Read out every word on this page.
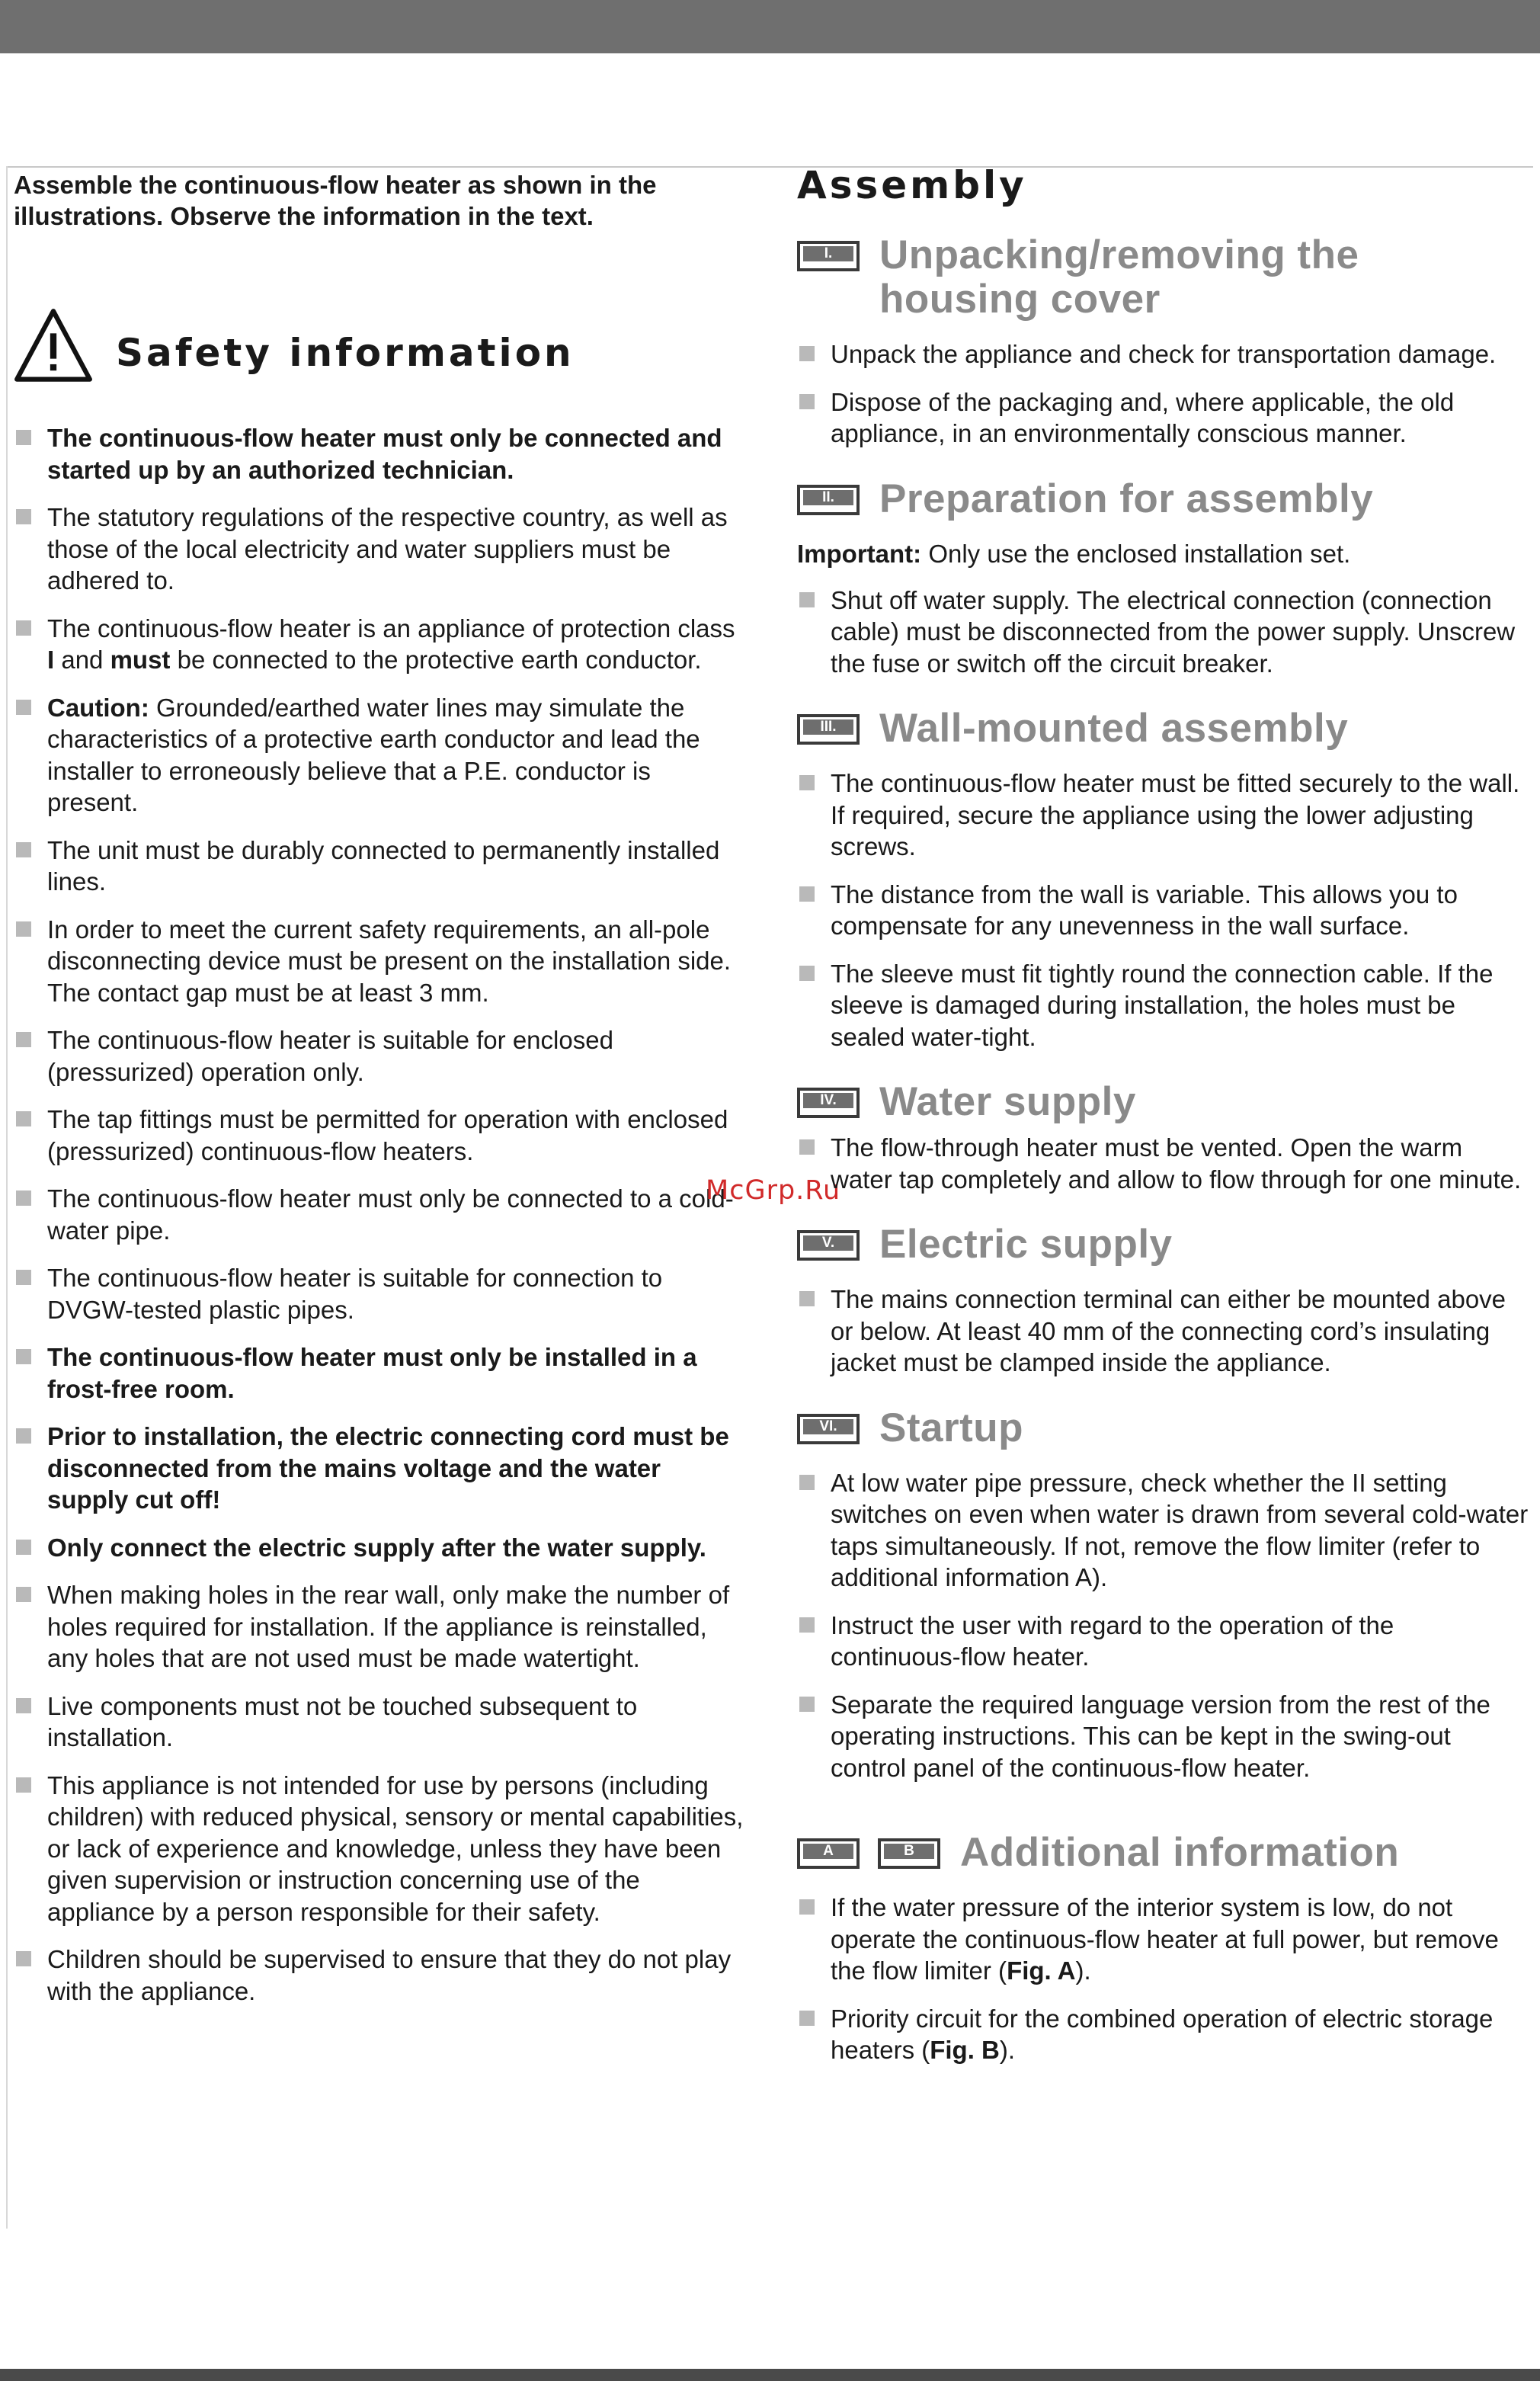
Assemble the continuous-flow heater as shown in the illustrations. Observe the information in the text.

Safety information
The continuous-flow heater must only be connected and started up by an authorized technician.
The statutory regulations of the respective country, as well as those of the local electricity and water suppliers must be adhered to.
The continuous-flow heater is an appliance of protection class I and must be connected to the protective earth conductor.
Caution: Grounded/earthed water lines may simulate the characteristics of a protective earth conductor and lead the installer to erroneously believe that a P.E. conductor is present.
The unit must be durably connected to permanently installed lines.
In order to meet the current safety requirements, an all-pole disconnecting device must be present on the installation side. The contact gap must be at least 3 mm.
The continuous-flow heater is suitable for enclosed (pressurized) operation only.
The tap fittings must be permitted for operation with enclosed (pressurized) continuous-flow heaters.
The continuous-flow heater must only be connected to a cold-water pipe.
The continuous-flow heater is suitable for connection to DVGW-tested plastic pipes.
The continuous-flow heater must only be installed in a frost-free room.
Prior to installation, the electric connecting cord must be disconnected from the mains voltage and the water supply cut off!
Only connect the electric supply after the water supply.
When making holes in the rear wall, only make the number of holes required for installation. If the appliance is reinstalled, any holes that are not used must be made watertight.
Live components must not be touched subsequent to installation.
This appliance is not intended for use by persons (including children) with reduced physical, sensory or mental capabilities, or lack of experience and knowledge, unless they have been given supervision or instruction concerning use of the appliance by a person responsible for their safety.
Children should be supervised to ensure that they do not play with the appliance.
McGrp.Ru
Assembly
I.	Unpacking/removing the housing cover
Unpack the appliance and check for transportation damage.
Dispose of the packaging and, where applicable, the old appliance, in an environmentally conscious manner.
II.	Preparation for assembly

Important: Only use the enclosed installation set.

Shut off water supply. The electrical connection (connection cable) must be disconnected from the power supply. Unscrew the fuse or switch off the circuit breaker.
III.	Wall-mounted assembly
The continuous-flow heater must be fitted securely to the wall. If required, secure the appliance using the lower adjusting screws.
The distance from the wall is variable. This allows you to compensate for any unevenness in the wall surface.
The sleeve must fit tightly round the connection cable. If the sleeve is damaged during installation, the holes must be sealed water-tight.
IV.	Water supply
The flow-through heater must be vented. Open the warm water tap completely and allow to flow through for one minute.
V.	Electric supply
The mains connection terminal can either be mounted above or below. At least 40 mm of the connecting cord’s insulating jacket must be clamped inside the appliance.
VI.	Startup
At low water pipe pressure, check whether the II setting switches on even when water is drawn from several cold-water taps simultaneously. If not, remove the flow limiter (refer to additional information A).
Instruct the user with regard to the operation of the continuous-flow heater.
Separate the required language version from the rest of the operating instructions. This can be kept in the swing-out control panel of the continuous-flow heater.
A	B	Additional information
If the water pressure of the interior system is low, do not operate the continuous-flow heater at full power, but remove the flow limiter (Fig. A).
Priority circuit for the combined operation of electric storage heaters (Fig. B).
